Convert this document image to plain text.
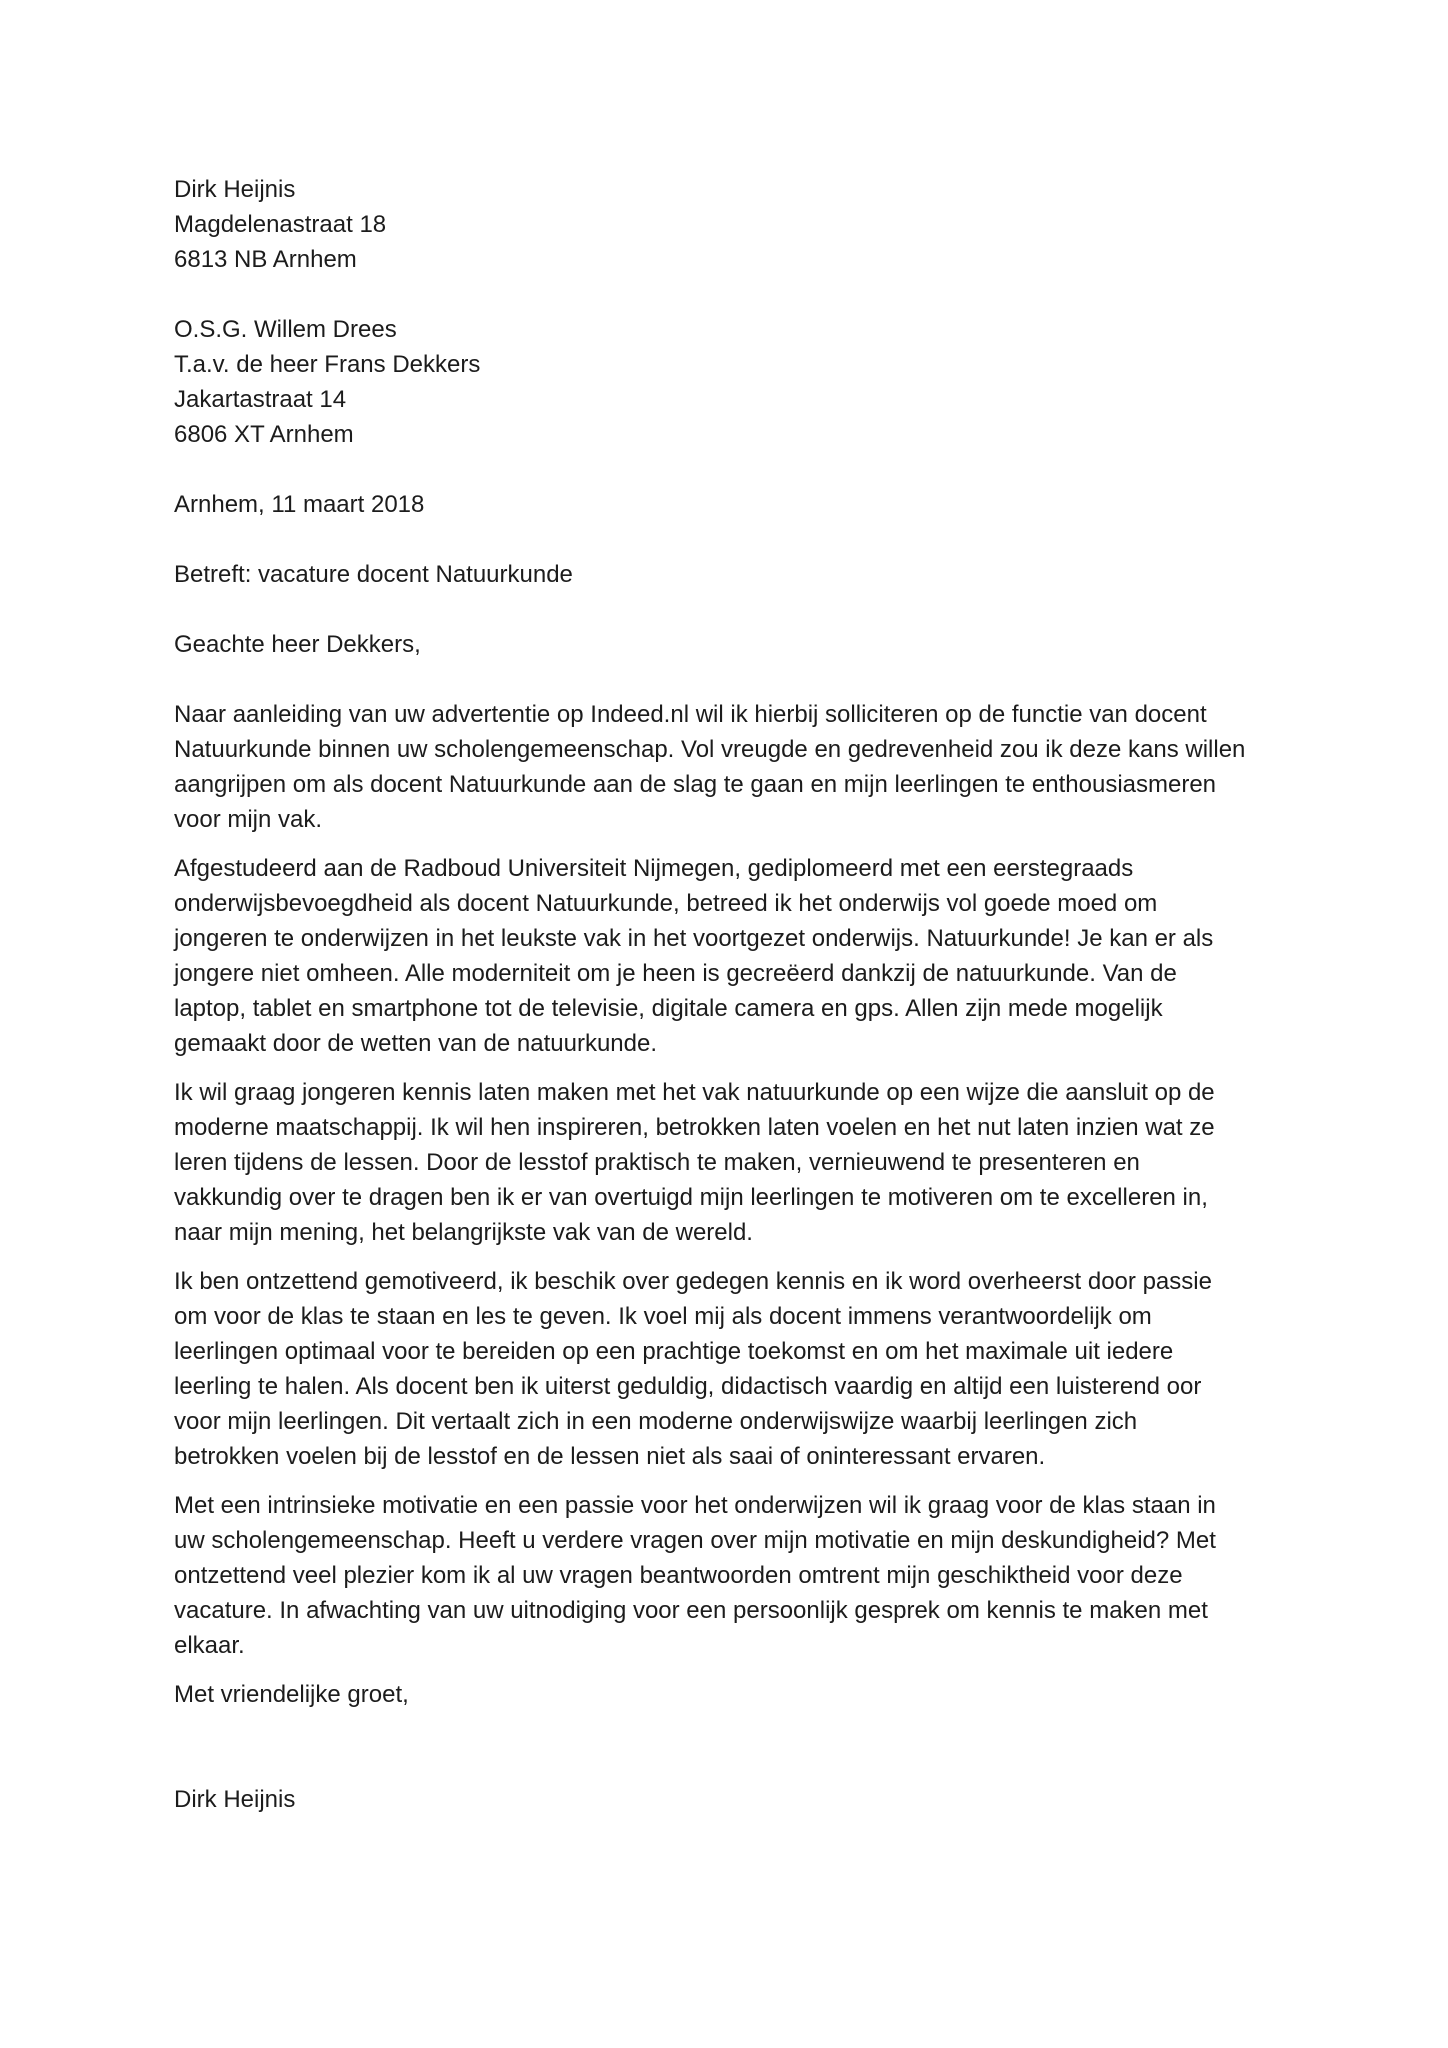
Dirk Heijnis
Magdelenastraat 18
6813 NB Arnhem
O.S.G. Willem Drees
T.a.v. de heer Frans Dekkers
Jakartastraat 14
6806 XT Arnhem
Arnhem, 11 maart 2018
Betreft: vacature docent Natuurkunde
Geachte heer Dekkers,
Naar aanleiding van uw advertentie op Indeed.nl wil ik hierbij solliciteren op de functie van docent
Natuurkunde binnen uw scholengemeenschap. Vol vreugde en gedrevenheid zou ik deze kans willen
aangrijpen om als docent Natuurkunde aan de slag te gaan en mijn leerlingen te enthousiasmeren
voor mijn vak.
Afgestudeerd aan de Radboud Universiteit Nijmegen, gediplomeerd met een eerstegraads
onderwijsbevoegdheid als docent Natuurkunde, betreed ik het onderwijs vol goede moed om
jongeren te onderwijzen in het leukste vak in het voortgezet onderwijs. Natuurkunde! Je kan er als
jongere niet omheen. Alle moderniteit om je heen is gecreëerd dankzij de natuurkunde. Van de
laptop, tablet en smartphone tot de televisie, digitale camera en gps. Allen zijn mede mogelijk
gemaakt door de wetten van de natuurkunde.
Ik wil graag jongeren kennis laten maken met het vak natuurkunde op een wijze die aansluit op de
moderne maatschappij. Ik wil hen inspireren, betrokken laten voelen en het nut laten inzien wat ze
leren tijdens de lessen. Door de lesstof praktisch te maken, vernieuwend te presenteren en
vakkundig over te dragen ben ik er van overtuigd mijn leerlingen te motiveren om te excelleren in,
naar mijn mening, het belangrijkste vak van de wereld.
Ik ben ontzettend gemotiveerd, ik beschik over gedegen kennis en ik word overheerst door passie
om voor de klas te staan en les te geven. Ik voel mij als docent immens verantwoordelijk om
leerlingen optimaal voor te bereiden op een prachtige toekomst en om het maximale uit iedere
leerling te halen. Als docent ben ik uiterst geduldig, didactisch vaardig en altijd een luisterend oor
voor mijn leerlingen. Dit vertaalt zich in een moderne onderwijswijze waarbij leerlingen zich
betrokken voelen bij de lesstof en de lessen niet als saai of oninteressant ervaren.
Met een intrinsieke motivatie en een passie voor het onderwijzen wil ik graag voor de klas staan in
uw scholengemeenschap. Heeft u verdere vragen over mijn motivatie en mijn deskundigheid? Met
ontzettend veel plezier kom ik al uw vragen beantwoorden omtrent mijn geschiktheid voor deze
vacature. In afwachting van uw uitnodiging voor een persoonlijk gesprek om kennis te maken met
elkaar.
Met vriendelijke groet,
Dirk Heijnis
